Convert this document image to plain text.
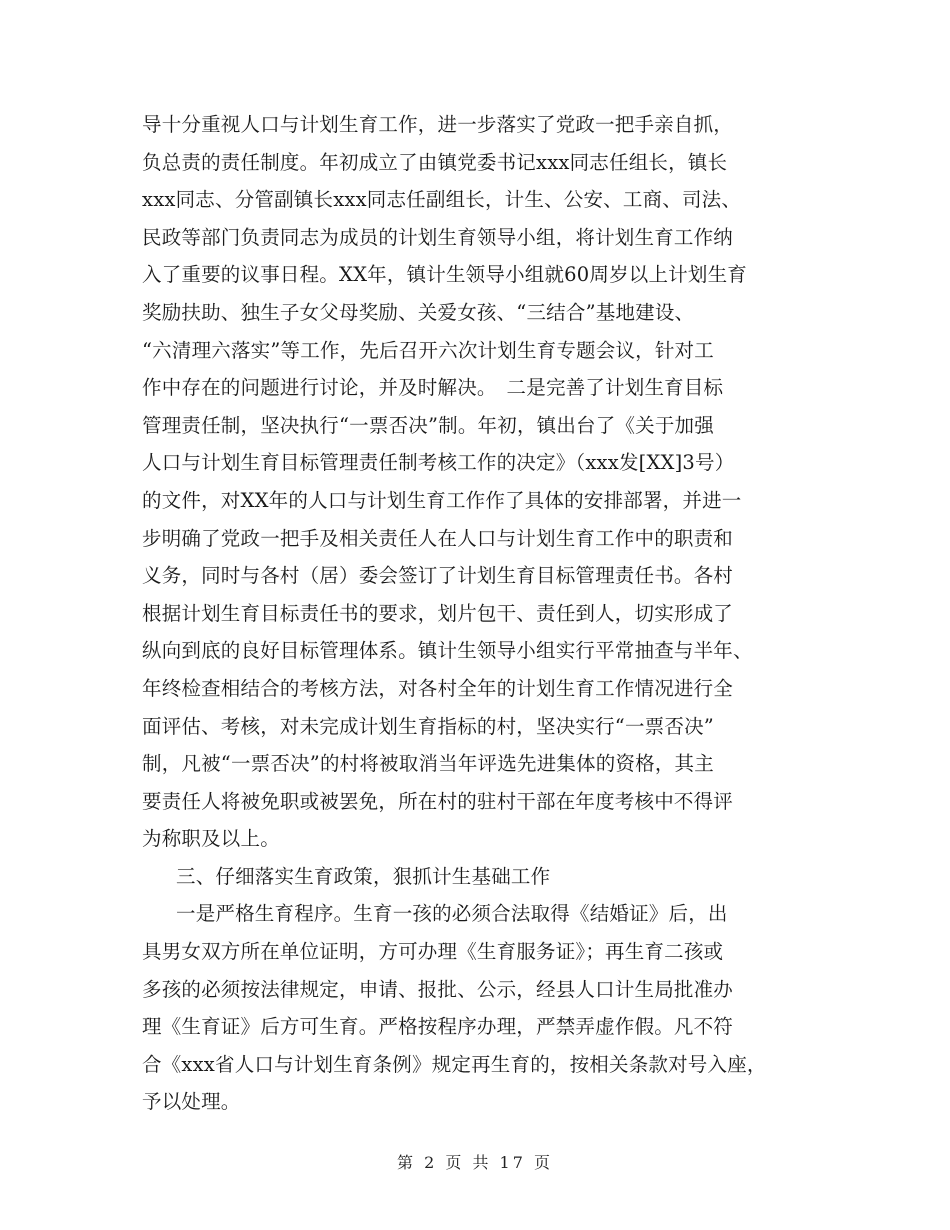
导十分重视人口与计划生育工作，进一步落实了党政一把手亲自抓，
负总责的责任制度。年初成立了由镇党委书记xxx同志任组长，镇长
xxx同志、分管副镇长xxx同志任副组长，计生、公安、工商、司法、
民政等部门负责同志为成员的计划生育领导小组，将计划生育工作纳
入了重要的议事日程。XX年，镇计生领导小组就60周岁以上计划生育
奖励扶助、独生子女父母奖励、关爱女孩、“三结合”基地建设、
“六清理六落实”等工作，先后召开六次计划生育专题会议，针对工
作中存在的问题进行讨论，并及时解决。　二是完善了计划生育目标
管理责任制，坚决执行“一票否决”制。年初，镇出台了《关于加强
人口与计划生育目标管理责任制考核工作的决定》（xxx发[XX]3号）
的文件，对XX年的人口与计划生育工作作了具体的安排部署，并进一
步明确了党政一把手及相关责任人在人口与计划生育工作中的职责和
义务，同时与各村（居）委会签订了计划生育目标管理责任书。各村
根据计划生育目标责任书的要求，划片包干、责任到人，切实形成了
纵向到底的良好目标管理体系。镇计生领导小组实行平常抽查与半年、
年终检查相结合的考核方法，对各村全年的计划生育工作情况进行全
面评估、考核，对未完成计划生育指标的村，坚决实行“一票否决”
制，凡被“一票否决”的村将被取消当年评选先进集体的资格，其主
要责任人将被免职或被罢免，所在村的驻村干部在年度考核中不得评
为称职及以上。
三、仔细落实生育政策，狠抓计生基础工作
一是严格生育程序。生育一孩的必须合法取得《结婚证》后，出
具男女双方所在单位证明，方可办理《生育服务证》；再生育二孩或
多孩的必须按法律规定，申请、报批、公示，经县人口计生局批准办
理《生育证》后方可生育。严格按程序办理，严禁弄虚作假。凡不符
合《xxx省人口与计划生育条例》规定再生育的，按相关条款对号入座，
予以处理。
第 2 页 共 17 页
